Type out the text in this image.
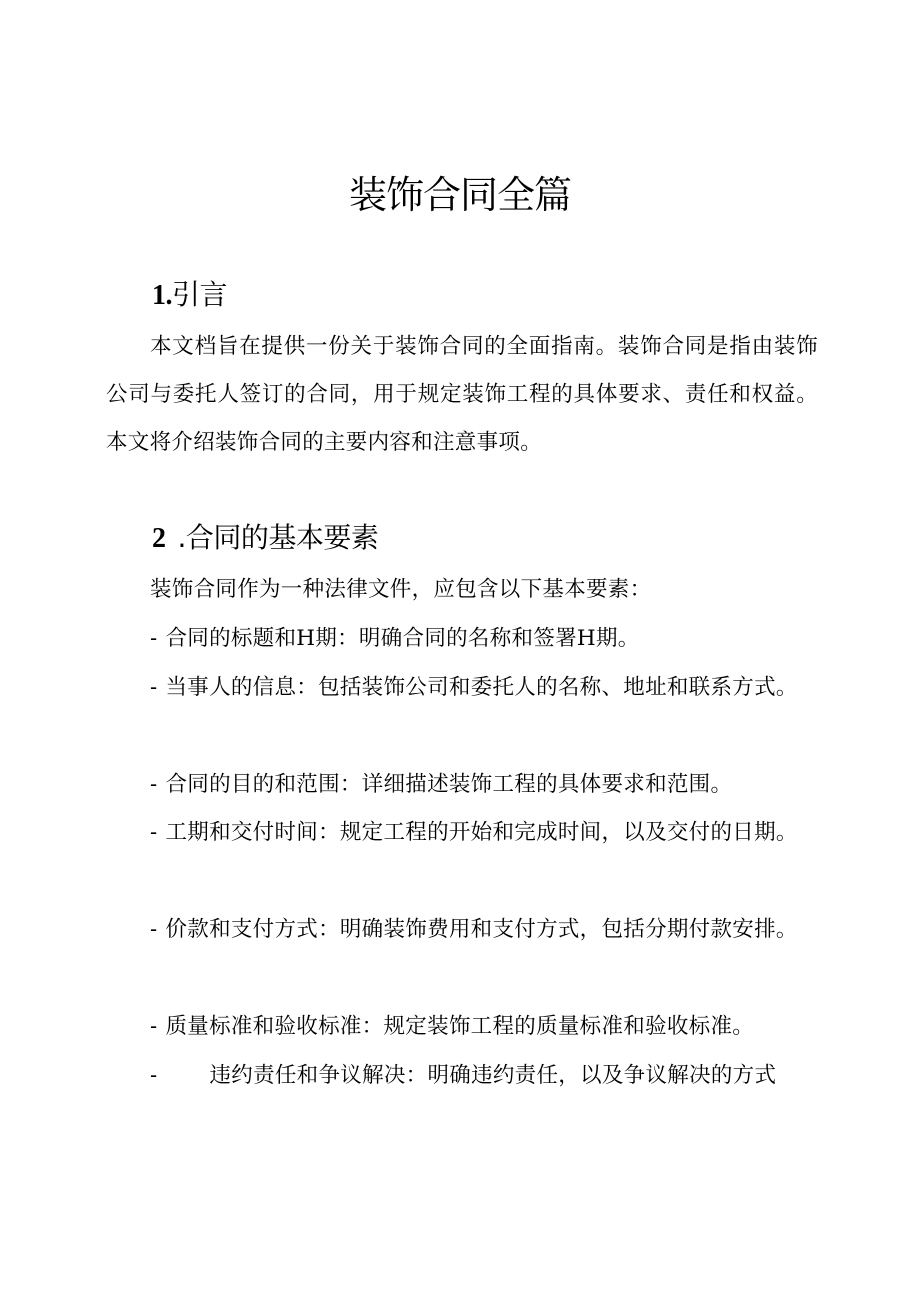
装饰合同全篇
1.引言

本文档旨在提供一份关于装饰合同的全面指南。装饰合同是指由装饰公司与委托人签订的合同，用于规定装饰工程的具体要求、责任和权益。本文将介绍装饰合同的主要内容和注意事项。

2 .合同的基本要素

装饰合同作为一种法律文件，应包含以下基本要素：

- 合同的标题和H期：明确合同的名称和签署H期。

- 当事人的信息：包括装饰公司和委托人的名称、地址和联系方式。

- 合同的目的和范围：详细描述装饰工程的具体要求和范围。

- 工期和交付时间：规定工程的开始和完成时间，以及交付的日期。

- 价款和支付方式：明确装饰费用和支付方式，包括分期付款安排。

- 质量标准和验收标准：规定装饰工程的质量标准和验收标准。

- 违约责任和争议解决：明确违约责任，以及争议解决的方式
